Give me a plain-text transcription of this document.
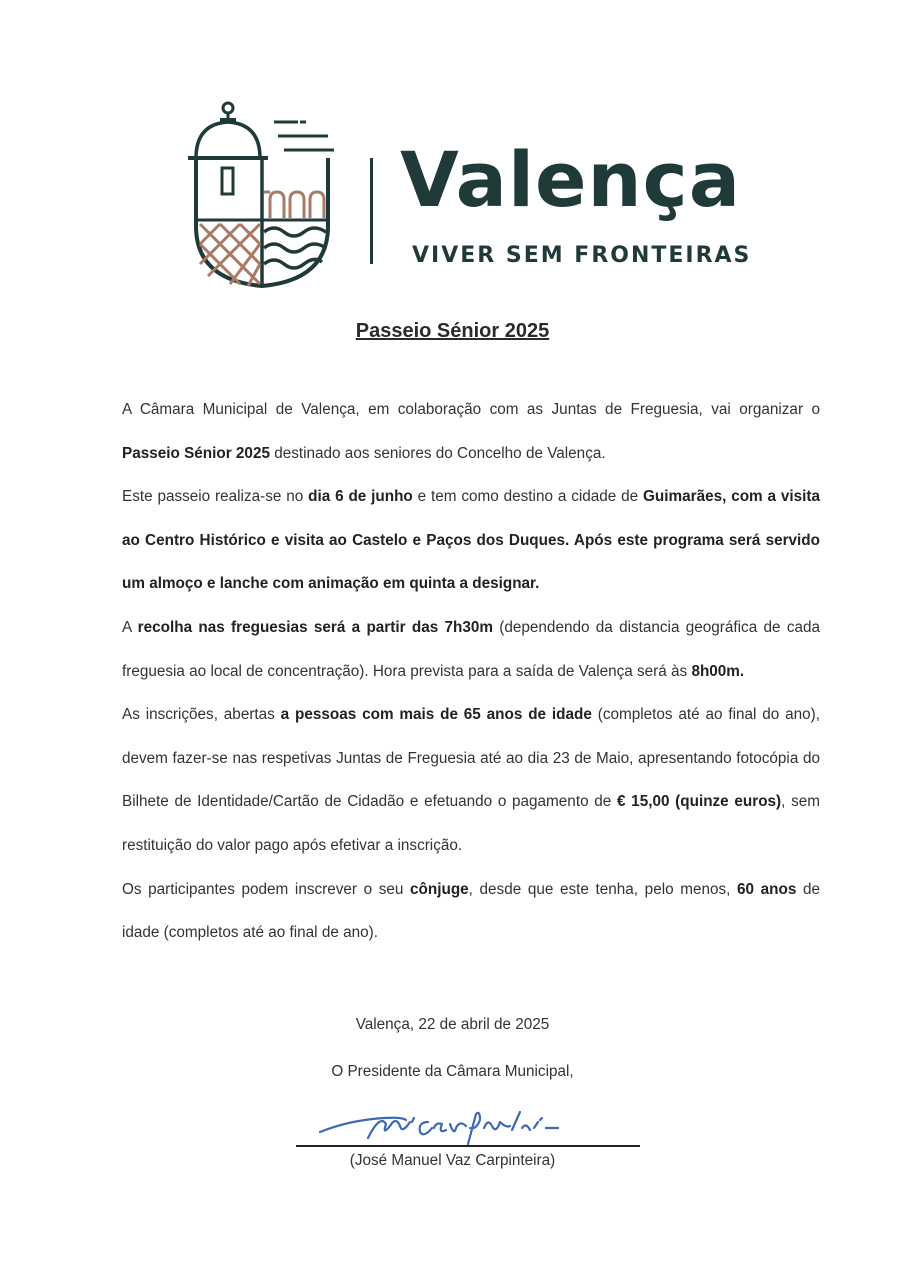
Valença
VIVER SEM FRONTEIRAS
Passeio Sénior 2025

A Câmara Municipal de Valença, em colaboração com as Juntas de Freguesia, vai organizar o Passeio Sénior 2025 destinado aos seniores do Concelho de Valença.

Este passeio realiza-se no dia 6 de junho e tem como destino a cidade de Guimarães, com a visita ao Centro Histórico e visita ao Castelo e Paços dos Duques. Após este programa será servido um almoço e lanche com animação em quinta a designar.

A recolha nas freguesias será a partir das 7h30m (dependendo da distancia geográfica de cada freguesia ao local de concentração). Hora prevista para a saída de Valença será às 8h00m.

As inscrições, abertas a pessoas com mais de 65 anos de idade (completos até ao final do ano), devem fazer-se nas respetivas Juntas de Freguesia até ao dia 23 de Maio, apresentando fotocópia do Bilhete de Identidade/Cartão de Cidadão e efetuando o pagamento de € 15,00 (quinze euros), sem restituição do valor pago após efetivar a inscrição.

Os participantes podem inscrever o seu cônjuge, desde que este tenha, pelo menos, 60 anos de idade (completos até ao final de ano).

Valença, 22 de abril de 2025
O Presidente da Câmara Municipal,
(José Manuel Vaz Carpinteira)
